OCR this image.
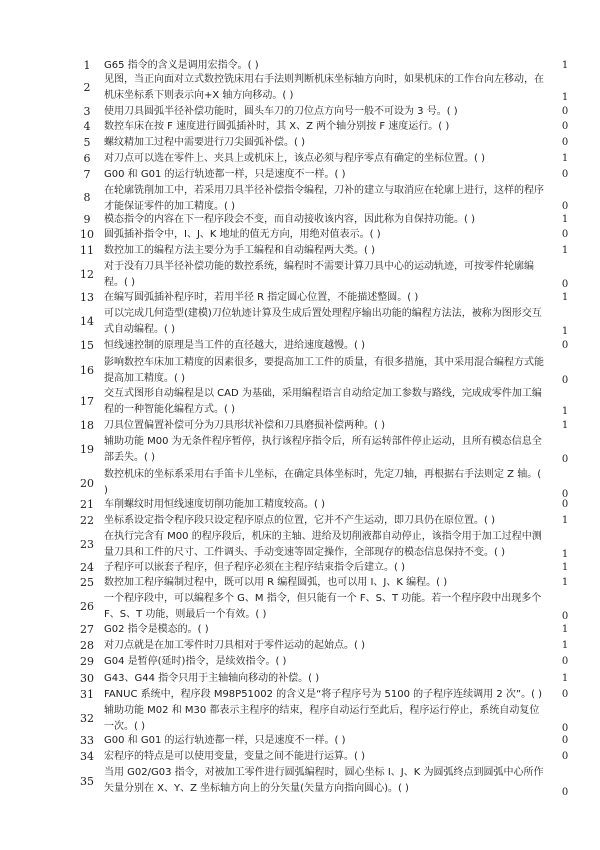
1	G65 指令的含义是调用宏指令。( )	1
2
见图，当正向面对立式数控铣床用右手法则判断机床坐标轴方向时，如果机床的工作台向左移动，在机床坐标系下则表示向+X 轴方向移动。( )	1
3	使用刀具圆弧半径补偿功能时，圆头车刀的刀位点方向号一般不可设为 3 号。( )	0
4	数控车床在按 F 速度进行圆弧插补时，其 X、Z 两个轴分别按 F 速度运行。( )	0
5	螺纹精加工过程中需要进行刀尖圆弧补偿。( )	0
6	对刀点可以选在零件上、夹具上或机床上，该点必须与程序零点有确定的坐标位置。( )	1
7	G00 和 G01 的运行轨迹都一样，只是速度不一样。( )	0
8
在轮廓铣削加工中，若采用刀具半径补偿指令编程，刀补的建立与取消应在轮廓上进行，这样的程序才能保证零件的加工精度。( )	0
9	模态指令的内容在下一程序段会不变，而自动接收该内容，因此称为自保持功能。( )	1
10 圆弧插补指令中，I、J、K 地址的值无方向，用绝对值表示。( )	0
11 数控加工的编程方法主要分为手工编程和自动编程两大类。( )	1
12
对于没有刀具半径补偿功能的数控系统，编程时不需要计算刀具中心的运动轨迹，可按零件轮廓编程。( )	0
13 在编写圆弧插补程序时，若用半径 R 指定圆心位置，不能描述整圆。( )	1
14
可以完成几何造型(建模)刀位轨迹计算及生成后置处理程序输出功能的编程方法法，被称为图形交互式自动编程。( )	1
15 恒线速控制的原理是当工件的直径越大，进给速度越慢。( )	0
16
影响数控车床加工精度的因素很多，要提高加工工件的质量，有很多措施，其中采用混合编程方式能提高加工精度。( )	0
17
交互式图形自动编程是以 CAD 为基础，采用编程语言自动给定加工参数与路线，完成成零件加工编程的一种智能化编程方式。( )	1
18 刀具位置偏置补偿可分为刀具形状补偿和刀具磨损补偿两种。( )	1
19
辅助功能 M00 为无条件程序暂停，执行该程序指令后，所有运转部件停止运动，且所有模态信息全部丢失。( )	0
20
数控机床的坐标系采用右手笛卡儿坐标，在确定具体坐标时，先定刀轴，再根据右手法则定 Z 轴。( )	0
21 车削螺纹时用恒线速度切削功能加工精度较高。( )	0
22 坐标系设定指令程序段只设定程序原点的位置，它并不产生运动，即刀具仍在原位置。( )	1
23
在执行完含有 M00 的程序段后，机床的主轴、进给及切削液都自动停止，该指令用于加工过程中测量刀具和工件的尺寸、工件调头、手动变速等固定操作，全部现存的模态信息保持不变。( )	1
24 子程序可以嵌套子程序，但子程序必须在主程序结束指令后建立。( )	1
25 数控加工程序编制过程中，既可以用 R 编程圆弧，也可以用 I、J、K 编程。( )	1
26
一个程序段中，可以编程多个 G、M 指令，但只能有一个 F、S、T 功能。若一个程序段中出现多个 F、S、T 功能，则最后一个有效。( )	0
27 G02 指令是模态的。( )	1
28 对刀点就是在加工零件时刀具相对于零件运动的起始点。( )	1
29 G04 是暂停(延时)指令，是续效指令。( )	0
30 G43、G44 指令只用于主轴轴向移动的补偿。( )	1
31 FANUC 系统中，程序段 M98P51002 的含义是“将子程序号为 5100 的子程序连续调用 2 次”。( )	0
32
辅助功能 M02 和 M30 都表示主程序的结束，程序自动运行至此后，程序运行停止，系统自动复位一次。( )	0
33 G00 和 G01 的运行轨迹都一样，只是速度不一样。( )	0
34 宏程序的特点是可以使用变量，变量之间不能进行运算。( )	0
35
当用 G02/G03 指令，对被加工零件进行圆弧编程时，圆心坐标 I、J、K 为圆弧终点到圆弧中心所作矢量分别在 X、Y、Z 坐标轴方向上的分矢量(矢量方向指向圆心)。( )	0
